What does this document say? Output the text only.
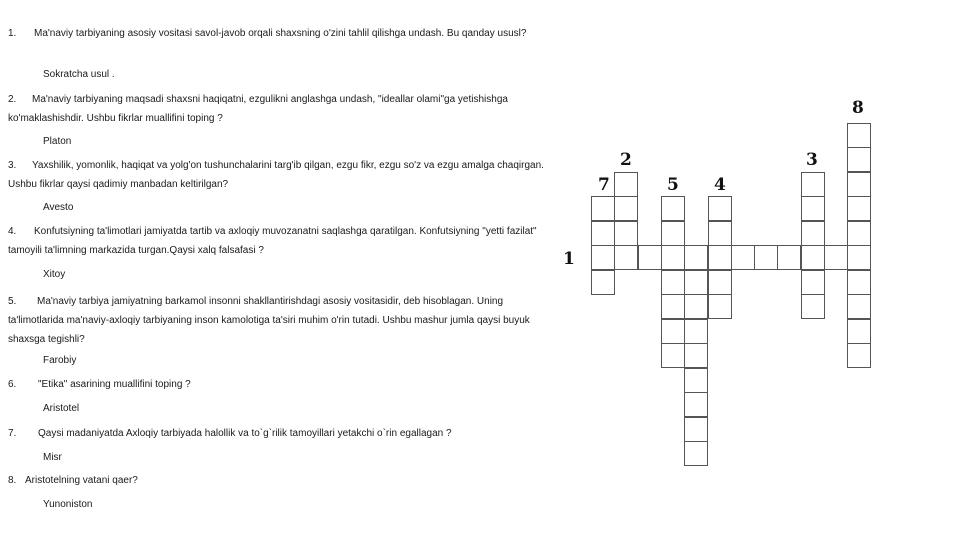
1. Ma'naviy tarbiyaning asosiy vositasi savol-javob orqali shaxsning o'zini tahlil qilishga undash. Bu qanday ususl?
Sokratcha usul .
2. Ma'naviy tarbiyaning maqsadi shaxsni haqiqatni, ezgulikni anglashga undash, "ideallar olami"ga yetishishga ko'maklashishdir. Ushbu fikrlar muallifini toping ?
Platon
3. Yaxshilik, yomonlik, haqiqat va yolg'on tushunchalarini targ'ib qilgan, ezgu fikr, ezgu so'z va ezgu amalga chaqirgan. Ushbu fikrlar qaysi qadimiy manbadan keltirilgan?
Avesto
4. Konfutsiyning ta'limotlari jamiyatda tartib va axloqiy muvozanatni saqlashga qaratilgan. Konfutsiyning "yetti fazilat" tamoyili ta'limning markazida turgan.Qaysi xalq falsafasi ?
Xitoy
5. Ma'naviy tarbiya jamiyatning barkamol insonni shakllantirishdagi asosiy vositasidir, deb hisoblagan. Uning ta'limotlarida ma'naviy-axloqiy tarbiyaning inson kamolotiga ta'siri muhim o'rin tutadi. Ushbu mashur jumla qaysi buyuk shaxsga tegishli?
Farobiy
6. "Etika" asarining muallifini toping ?
Aristotel
7. Qaysi madaniyatda Axloqiy tarbiyada halollik va to`g`rilik tamoyillari yetakchi o`rin egallagan ?
Misr
8. Aristotelning vatani qaer?
Yunoniston
1
2	3
4
5
7
8
